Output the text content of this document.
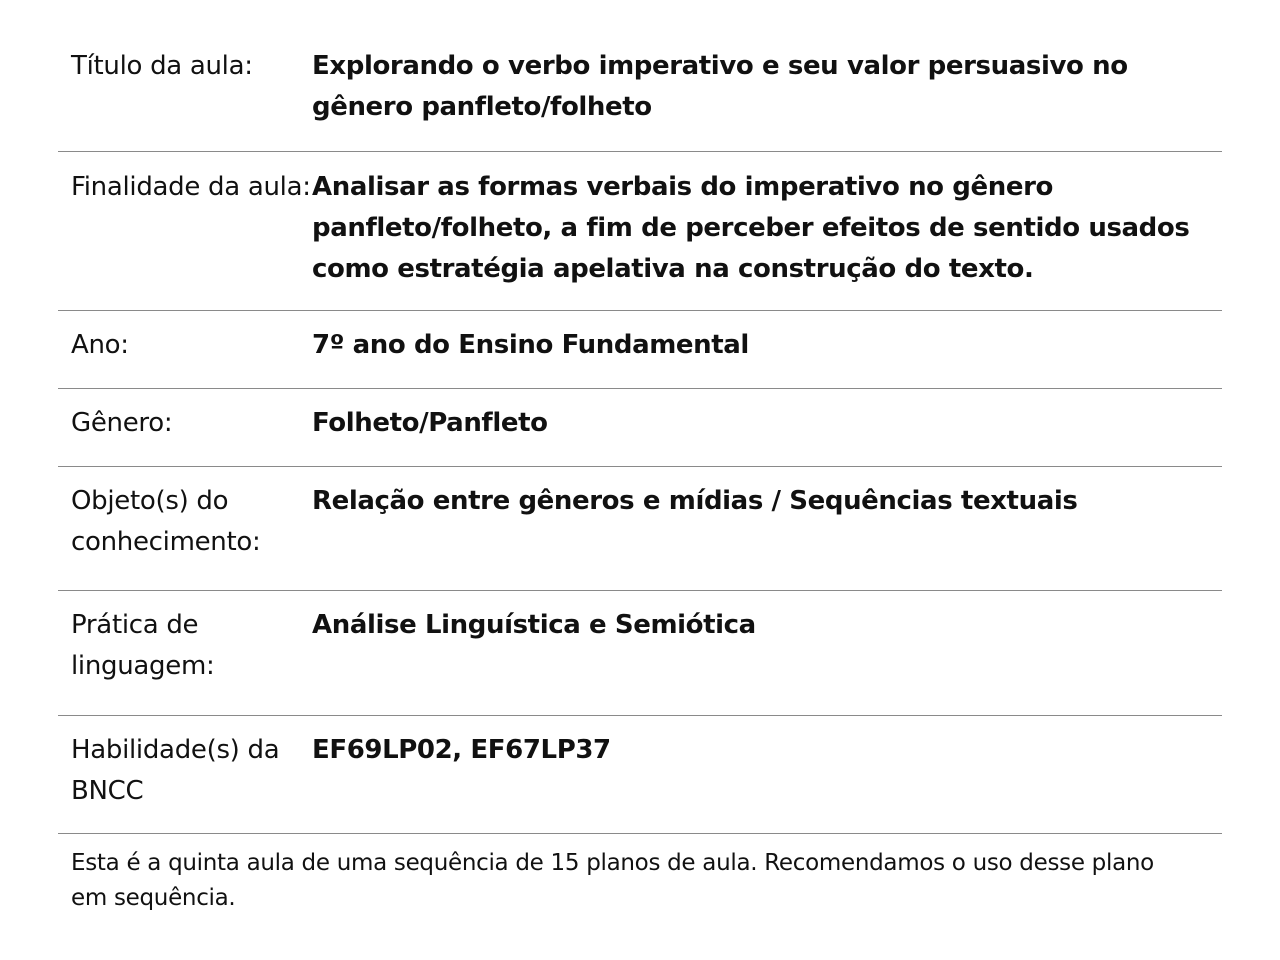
Título da aula:	Explorando o verbo imperativo e seu valor persuasivo no gênero panfleto/folheto
Finalidade da aula: Analisar as formas verbais do imperativo no gênero panfleto/folheto, a fim de perceber efeitos de sentido usados como estratégia apelativa na construção do texto.
Ano:	7º ano do Ensino Fundamental
Gênero:	Folheto/Panfleto
Objeto(s) do conhecimento:
Relação entre gêneros e mídias / Sequências textuais
Prática de linguagem:
Análise Linguística e Semiótica
Habilidade(s) da BNCC
EF69LP02, EF67LP37
Esta é a quinta aula de uma sequência de 15 planos de aula. Recomendamos o uso desse plano em sequência.
